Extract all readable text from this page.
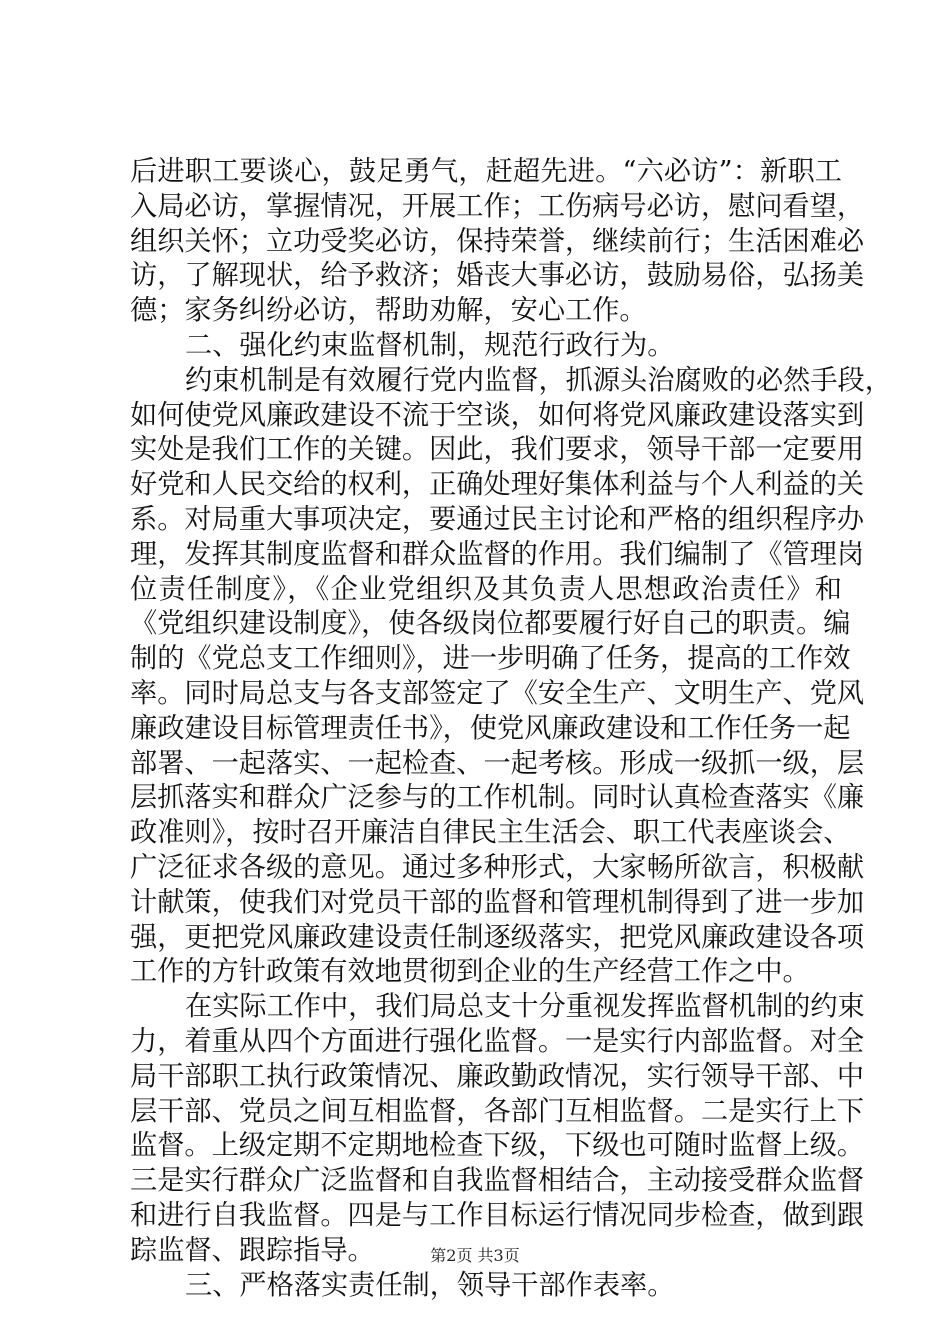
后进职工要谈心，鼓足勇气，赶超先进。“六必访”：新职工
入局必访，掌握情况，开展工作；工伤病号必访，慰问看望，
组织关怀；立功受奖必访，保持荣誉，继续前行；生活困难必
访，了解现状，给予救济；婚丧大事必访，鼓励易俗，弘扬美
德；家务纠纷必访，帮助劝解，安心工作。
二、强化约束监督机制，规范行政行为。
约束机制是有效履行党内监督，抓源头治腐败的必然手段，
如何使党风廉政建设不流于空谈，如何将党风廉政建设落实到
实处是我们工作的关键。因此，我们要求，领导干部一定要用
好党和人民交给的权利，正确处理好集体利益与个人利益的关
系。对局重大事项决定，要通过民主讨论和严格的组织程序办
理，发挥其制度监督和群众监督的作用。我们编制了《管理岗
位责任制度》，《企业党组织及其负责人思想政治责任》和
《党组织建设制度》，使各级岗位都要履行好自己的职责。编
制的《党总支工作细则》，进一步明确了任务，提高的工作效
率。同时局总支与各支部签定了《安全生产、文明生产、党风
廉政建设目标管理责任书》，使党风廉政建设和工作任务一起
部署、一起落实、一起检查、一起考核。形成一级抓一级，层
层抓落实和群众广泛参与的工作机制。同时认真检查落实《廉
政准则》，按时召开廉洁自律民主生活会、职工代表座谈会、
广泛征求各级的意见。通过多种形式，大家畅所欲言，积极献
计献策，使我们对党员干部的监督和管理机制得到了进一步加
强，更把党风廉政建设责任制逐级落实，把党风廉政建设各项
工作的方针政策有效地贯彻到企业的生产经营工作之中。
在实际工作中，我们局总支十分重视发挥监督机制的约束
力，着重从四个方面进行强化监督。一是实行内部监督。对全
局干部职工执行政策情况、廉政勤政情况，实行领导干部、中
层干部、党员之间互相监督，各部门互相监督。二是实行上下
监督。上级定期不定期地检查下级，下级也可随时监督上级。
三是实行群众广泛监督和自我监督相结合，主动接受群众监督
和进行自我监督。四是与工作目标运行情况同步检查，做到跟
踪监督、跟踪指导。
三、严格落实责任制，领导干部作表率。
第2页 共3页
